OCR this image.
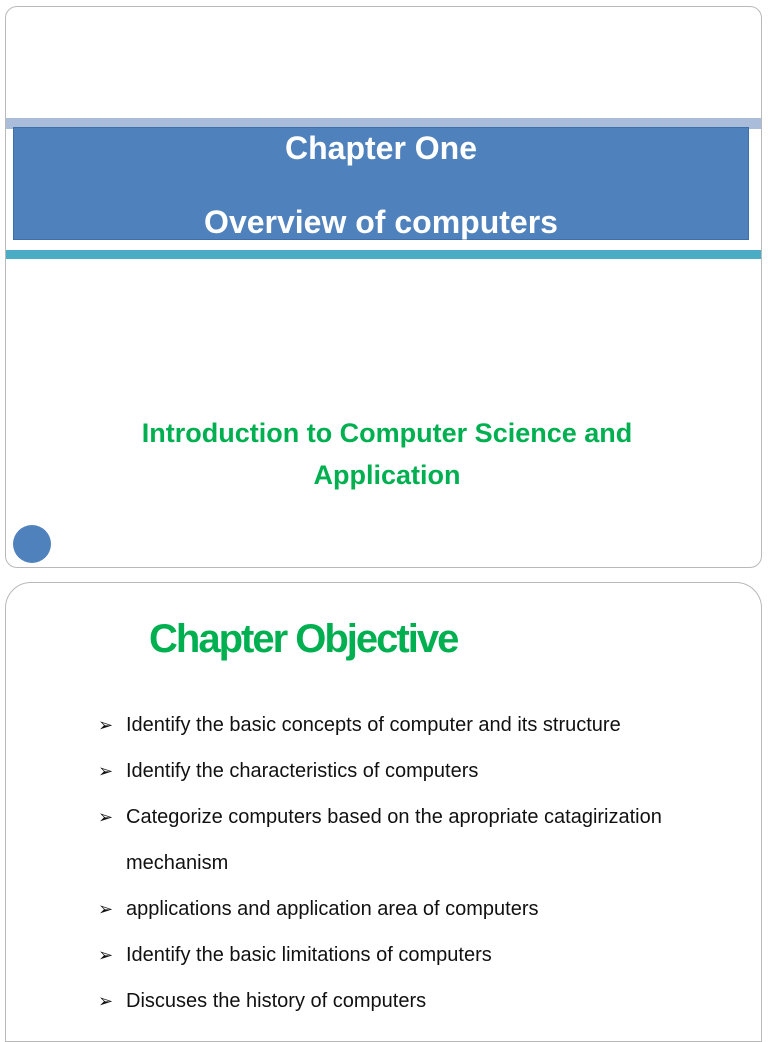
Chapter One
Overview of computers
Introduction to Computer Science and Application
Chapter Objective
➢ Identify the basic concepts of computer and its structure
➢ Identify the characteristics of computers
➢ Categorize computers based on the apropriate catagirization mechanism
➢ applications and application area of computers
➢ Identify the basic limitations of computers
➢ Discuses the history of computers
